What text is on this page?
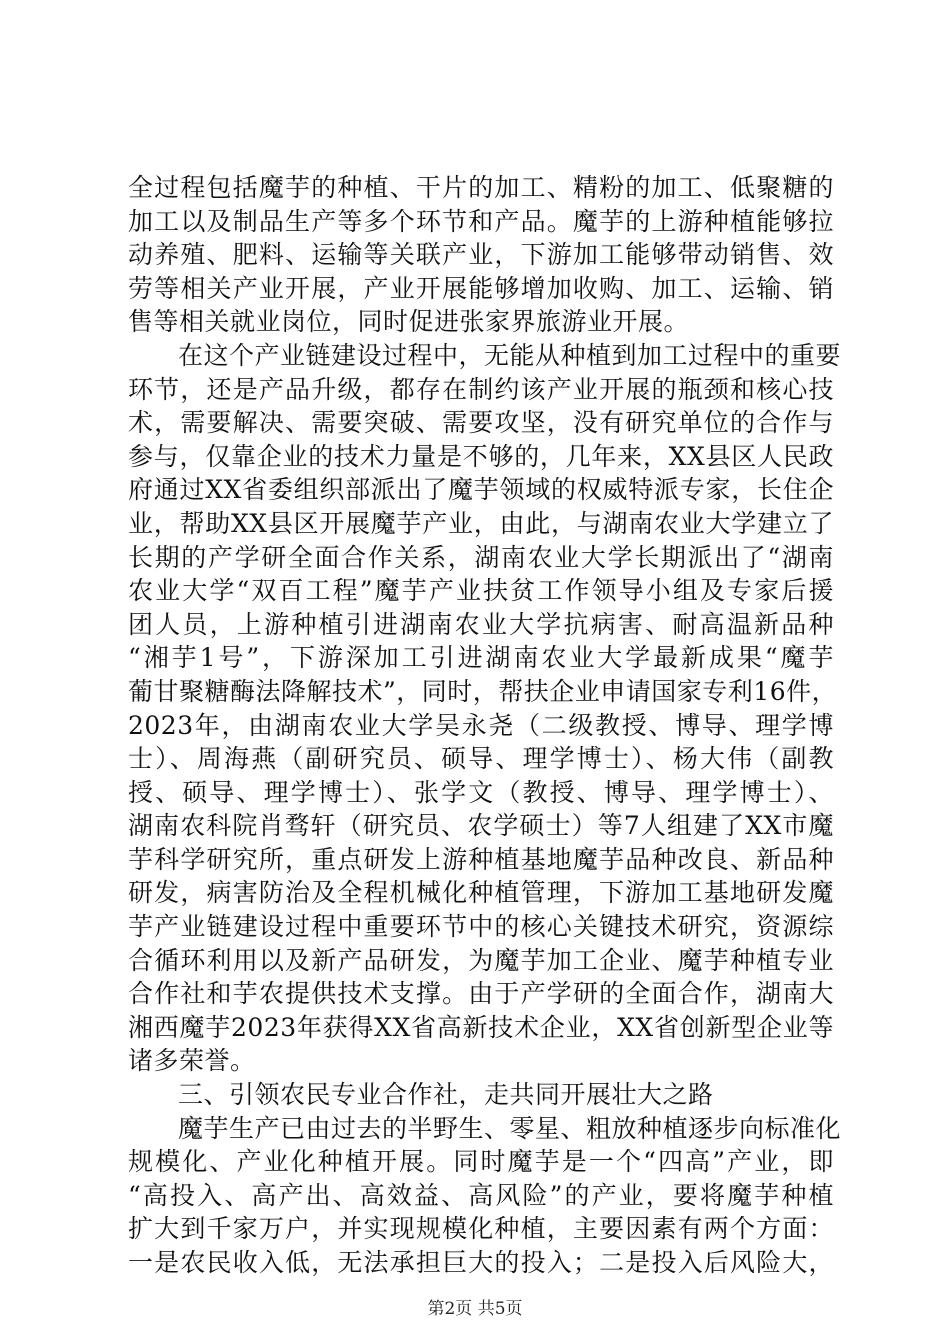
全过程包括魔芋的种植、干片的加工、精粉的加工、低聚糖的
加工以及制品生产等多个环节和产品。魔芋的上游种植能够拉
动养殖、肥料、运输等关联产业，下游加工能够带动销售、效
劳等相关产业开展，产业开展能够增加收购、加工、运输、销
售等相关就业岗位，同时促进张家界旅游业开展。
在这个产业链建设过程中，无能从种植到加工过程中的重要
环节，还是产品升级，都存在制约该产业开展的瓶颈和核心技
术，需要解决、需要突破、需要攻坚，没有研究单位的合作与
参与，仅靠企业的技术力量是不够的，几年来，XX县区人民政
府通过XX省委组织部派出了魔芋领域的权威特派专家，长住企
业，帮助XX县区开展魔芋产业，由此，与湖南农业大学建立了
长期的产学研全面合作关系，湖南农业大学长期派出了“湖南
农业大学“双百工程”魔芋产业扶贫工作领导小组及专家后援
团人员，上游种植引进湖南农业大学抗病害、耐高温新品种
“湘芋1号”，下游深加工引进湖南农业大学最新成果“魔芋
葡甘聚糖酶法降解技术”，同时，帮扶企业申请国家专利16件，
2023年，由湖南农业大学吴永尧（二级教授、博导、理学博
士）、周海燕（副研究员、硕导、理学博士）、杨大伟（副教
授、硕导、理学博士）、张学文（教授、博导、理学博士）、
湖南农科院肖骛轩（研究员、农学硕士）等7人组建了XX市魔
芋科学研究所，重点研发上游种植基地魔芋品种改良、新品种
研发，病害防治及全程机械化种植管理，下游加工基地研发魔
芋产业链建设过程中重要环节中的核心关键技术研究，资源综
合循环利用以及新产品研发，为魔芋加工企业、魔芋种植专业
合作社和芋农提供技术支撑。由于产学研的全面合作，湖南大
湘西魔芋2023年获得XX省高新技术企业，XX省创新型企业等
诸多荣誉。
三、引领农民专业合作社，走共同开展壮大之路
魔芋生产已由过去的半野生、零星、粗放种植逐步向标准化
规模化、产业化种植开展。同时魔芋是一个“四高”产业，即
“高投入、高产出、高效益、高风险”的产业，要将魔芋种植
扩大到千家万户，并实现规模化种植，主要因素有两个方面：
一是农民收入低，无法承担巨大的投入；二是投入后风险大，
第2页 共5页
